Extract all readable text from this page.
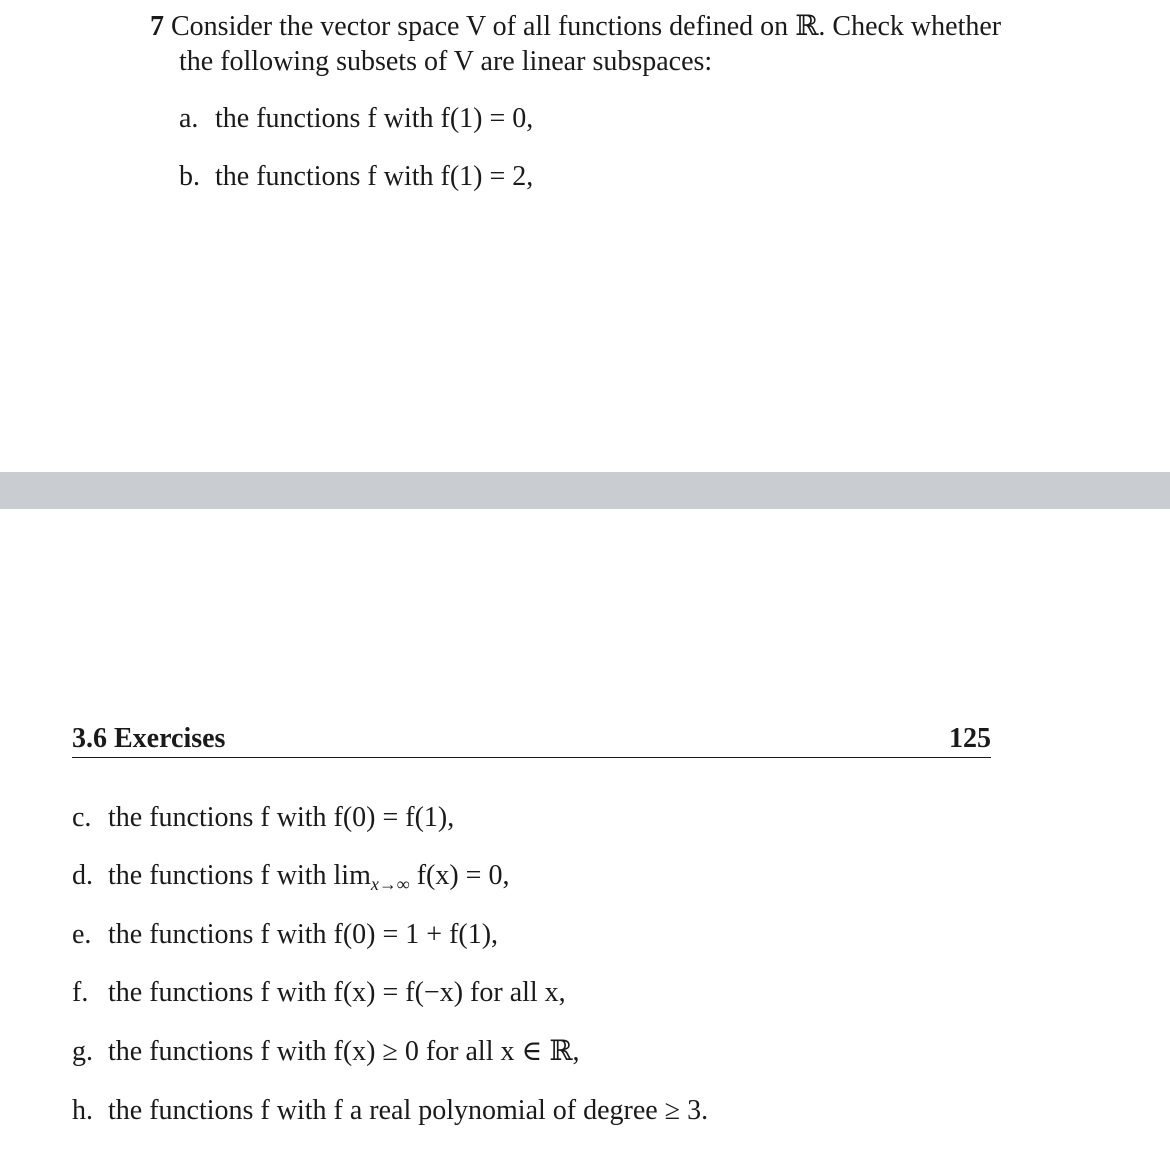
7 Consider the vector space V of all functions defined on ℝ. Check whether
the following subsets of V are linear subspaces:
a. the functions f with f(1) = 0,
b. the functions f with f(1) = 2,
3.6 Exercises	125
c. the functions f with f(0) = f(1),
d. the functions f with $\lim_{x\to\infty} f(x) = 0$,
e. the functions f with f(0) = 1 + f(1),
f. the functions f with f(x) = f(−x) for all x,
g. the functions f with f(x) ≥ 0 for all x ∈ ℝ,
h. the functions f with f a real polynomial of degree ≥ 3.
